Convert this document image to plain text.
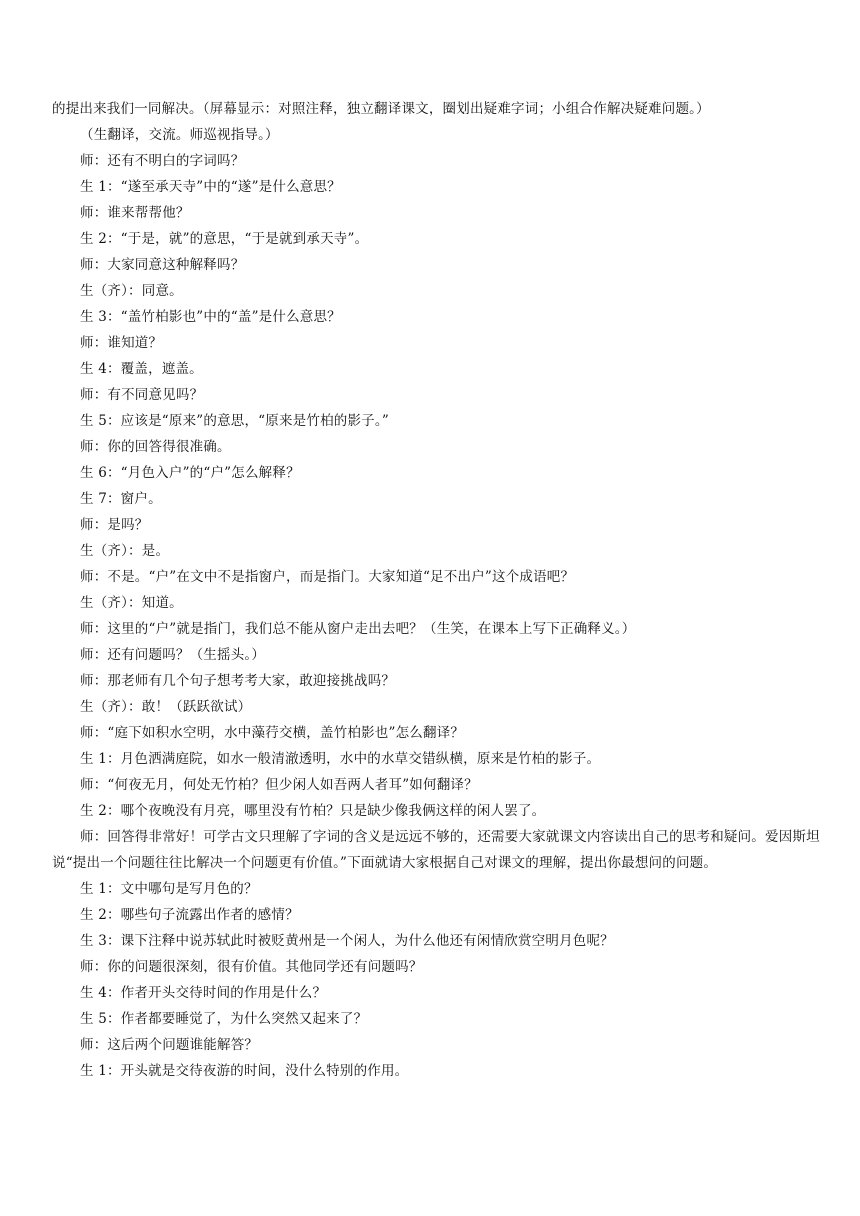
的提出来我们一同解决。（屏幕显示：对照注释，独立翻译课文，圈划出疑难字词；小组合作解决疑难问题。）

（生翻译，交流。师巡视指导。）

师：还有不明白的字词吗？

生 1：“遂至承天寺”中的“遂”是什么意思？

师：谁来帮帮他？

生 2：“于是，就”的意思，“于是就到承天寺”。

师：大家同意这种解释吗？

生（齐）：同意。

生 3：“盖竹柏影也”中的“盖”是什么意思？

师：谁知道？

生 4：覆盖，遮盖。

师：有不同意见吗？

生 5：应该是“原来”的意思，“原来是竹柏的影子。”

师：你的回答得很准确。

生 6：“月色入户”的“户”怎么解释？

生 7：窗户。

师：是吗？

生（齐）：是。

师：不是。“户”在文中不是指窗户，而是指门。大家知道“足不出户”这个成语吧？

生（齐）：知道。

师：这里的“户”就是指门，我们总不能从窗户走出去吧？（生笑，在课本上写下正确释义。）

师：还有问题吗？（生摇头。）

师：那老师有几个句子想考考大家，敢迎接挑战吗？

生（齐）：敢！（跃跃欲试）

师：“庭下如积水空明，水中藻荇交横，盖竹柏影也”怎么翻译？

生 1：月色洒满庭院，如水一般清澈透明，水中的水草交错纵横，原来是竹柏的影子。

师：“何夜无月，何处无竹柏？但少闲人如吾两人者耳”如何翻译？

生 2：哪个夜晚没有月亮，哪里没有竹柏？只是缺少像我俩这样的闲人罢了。

师：回答得非常好！可学古文只理解了字词的含义是远远不够的，还需要大家就课文内容读出自己的思考和疑问。爱因斯坦说“提出一个问题往往比解决一个问题更有价值。”下面就请大家根据自己对课文的理解，提出你最想问的问题。

生 1：文中哪句是写月色的？

生 2：哪些句子流露出作者的感情？

生 3：课下注释中说苏轼此时被贬黄州是一个闲人，为什么他还有闲情欣赏空明月色呢？

师：你的问题很深刻，很有价值。其他同学还有问题吗？

生 4：作者开头交待时间的作用是什么？

生 5：作者都要睡觉了，为什么突然又起来了？

师：这后两个问题谁能解答？

生 1：开头就是交待夜游的时间，没什么特别的作用。
